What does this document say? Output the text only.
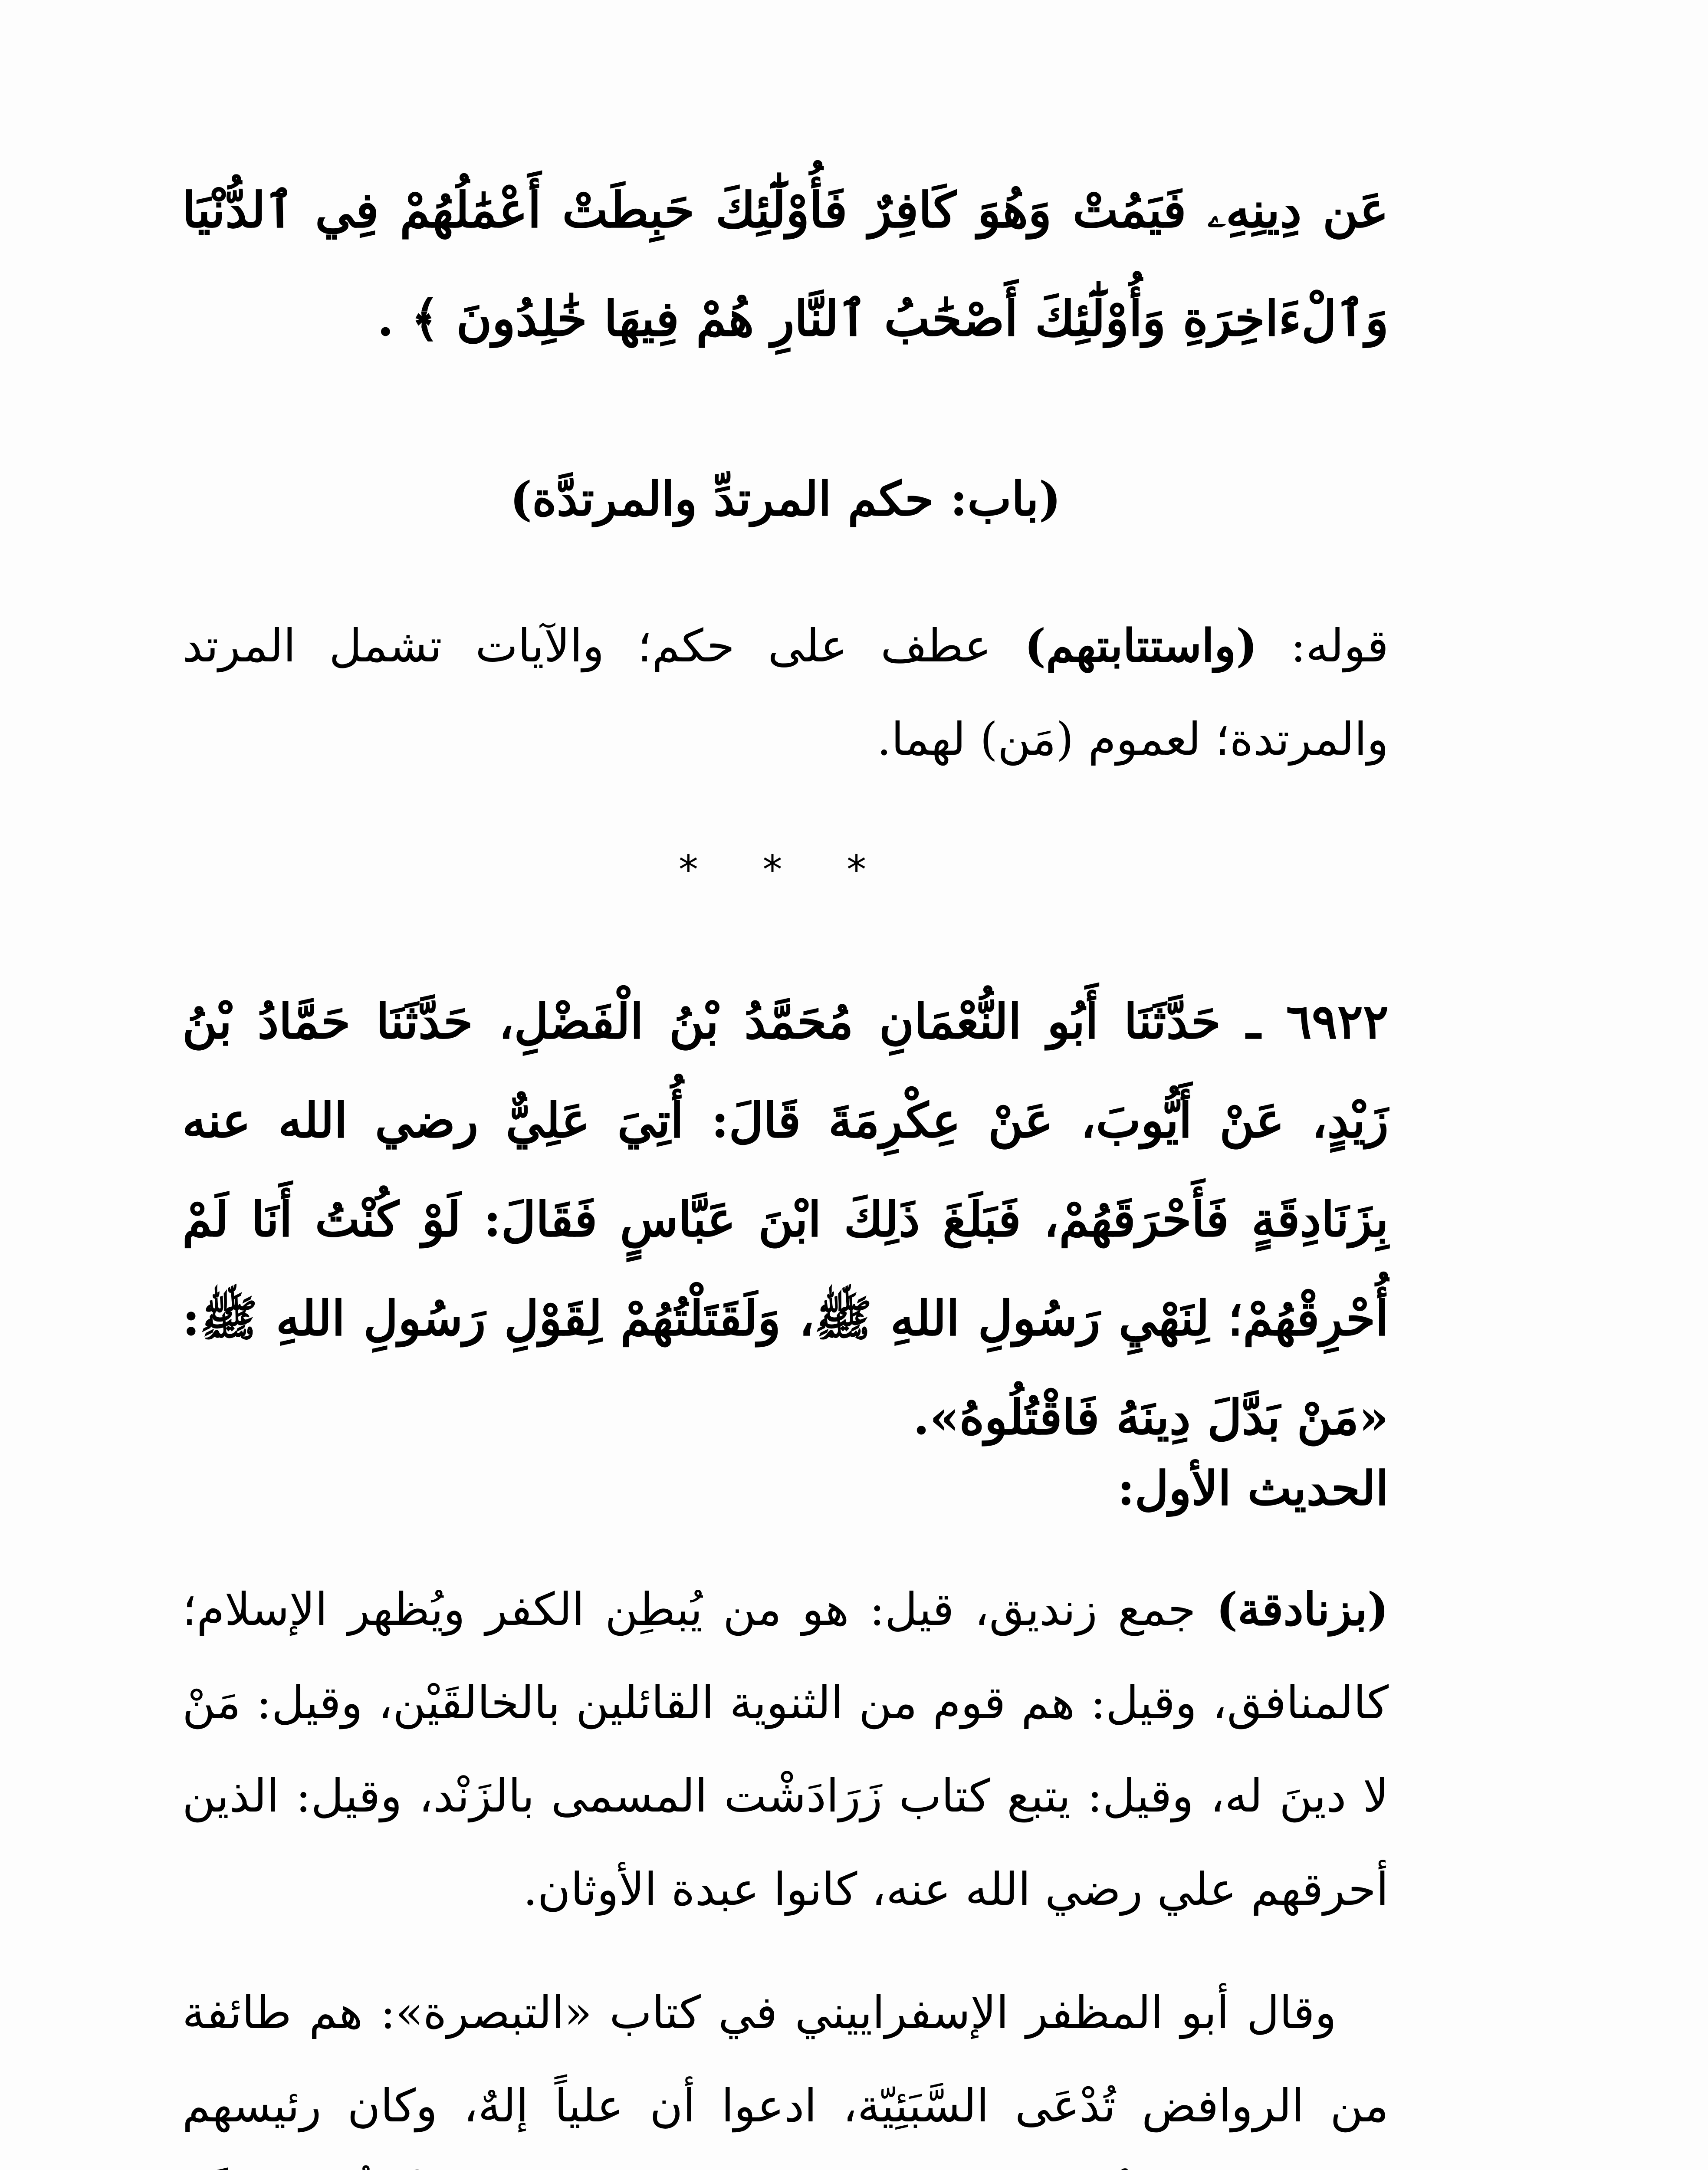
عَن دِينِهِۦ فَيَمُتْ وَهُوَ كَافِرٌ فَأُوْلَٰٓئِكَ حَبِطَتْ أَعْمَٰلُهُمْ فِي ٱلدُّنْيَا وَٱلْءَاخِرَةِ وَأُوْلَٰٓئِكَ أَصْحَٰبُ ٱلنَّارِ هُمْ فِيهَا خَٰلِدُونَ ﴾ .
(باب: حكم المرتدِّ والمرتدَّة)
قوله: (واستتابتهم) عطف على حكم؛ والآيات تشمل المرتد والمرتدة؛ لعموم (مَن) لهما.
* * *
٦٩٢٢ ـ حَدَّثَنَا أَبُو النُّعْمَانِ مُحَمَّدُ بْنُ الْفَضْلِ، حَدَّثَنَا حَمَّادُ بْنُ زَيْدٍ، عَنْ أَيُّوبَ، عَنْ عِكْرِمَةَ قَالَ: أُتِيَ عَلِيٌّ رضي الله عنه بِزَنَادِقَةٍ فَأَحْرَقَهُمْ، فَبَلَغَ ذَلِكَ ابْنَ عَبَّاسٍ فَقَالَ: لَوْ كُنْتُ أَنَا لَمْ أُحْرِقْهُمْ؛ لِنَهْيِ رَسُولِ اللهِ ﷺ، وَلَقَتَلْتُهُمْ لِقَوْلِ رَسُولِ اللهِ ﷺ: «مَنْ بَدَّلَ دِينَهُ فَاقْتُلُوهُ».
الحديث الأول:
(بزنادقة) جمع زنديق، قيل: هو من يُبطِن الكفر ويُظهر الإسلام؛ كالمنافق، وقيل: هم قوم من الثنوية القائلين بالخالقَيْن، وقيل: مَنْ لا دينَ له، وقيل: يتبع كتاب زَرَادَشْت المسمى بالزَنْد، وقيل: الذين أحرقهم علي رضي الله عنه، كانوا عبدة الأوثان.
وقال أبو المظفر الإسفراييني في كتاب «التبصرة»: هم طائفة من الروافض تُدْعَى السَّبَئِيّة، ادعوا أن علياً إلهٌ، وكان رئيسهم
